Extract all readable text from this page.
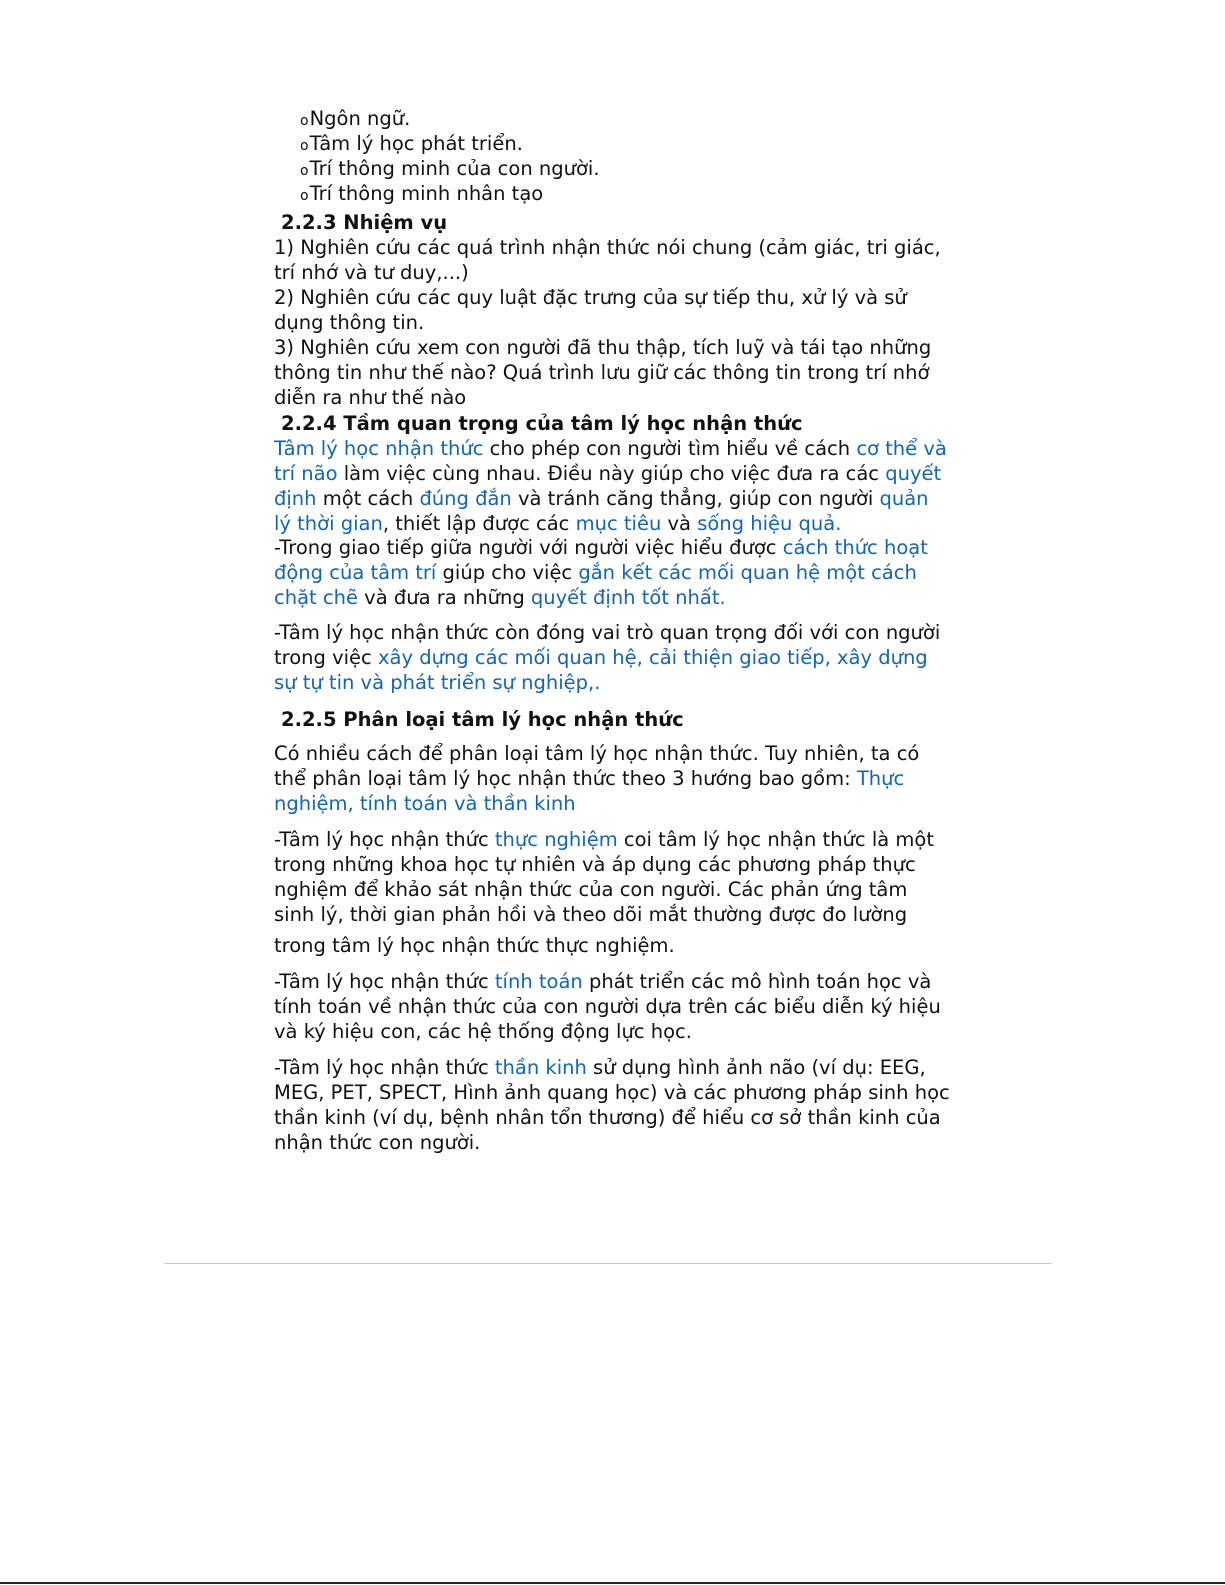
oNgôn ngữ.
oTâm lý học phát triển.
oTrí thông minh của con người.
oTrí thông minh nhân tạo
2.2.3 Nhiệm vụ
1) Nghiên cứu các quá trình nhận thức nói chung (cảm giác, tri giác,
trí nhớ và tư duy,...)
2) Nghiên cứu các quy luật đặc trưng của sự tiếp thu, xử lý và sử
dụng thông tin.
3) Nghiên cứu xem con người đã thu thập, tích luỹ và tái tạo những
thông tin như thế nào? Quá trình lưu giữ các thông tin trong trí nhớ
diễn ra như thế nào
2.2.4 Tầm quan trọng của tâm lý học nhận thức
Tâm lý học nhận thức cho phép con người tìm hiểu về cách cơ thể và
trí não làm việc cùng nhau. Điều này giúp cho việc đưa ra các quyết
định một cách đúng đắn và tránh căng thẳng, giúp con người quản
lý thời gian, thiết lập được các mục tiêu và sống hiệu quả.
-Trong giao tiếp giữa người với người việc hiểu được cách thức hoạt
động của tâm trí giúp cho việc gắn kết các mối quan hệ một cách
chặt chẽ và đưa ra những quyết định tốt nhất.
-Tâm lý học nhận thức còn đóng vai trò quan trọng đối với con người
trong việc xây dựng các mối quan hệ, cải thiện giao tiếp, xây dựng
sự tự tin và phát triển sự nghiệp,.
2.2.5 Phân loại tâm lý học nhận thức
Có nhiều cách để phân loại tâm lý học nhận thức. Tuy nhiên, ta có
thể phân loại tâm lý học nhận thức theo 3 hướng bao gồm: Thực
nghiệm, tính toán và thần kinh
-Tâm lý học nhận thức thực nghiệm coi tâm lý học nhận thức là một
trong những khoa học tự nhiên và áp dụng các phương pháp thực
nghiệm để khảo sát nhận thức của con người. Các phản ứng tâm
sinh lý, thời gian phản hồi và theo dõi mắt thường được đo lường
trong tâm lý học nhận thức thực nghiệm.
-Tâm lý học nhận thức tính toán phát triển các mô hình toán học và
tính toán về nhận thức của con người dựa trên các biểu diễn ký hiệu
và ký hiệu con, các hệ thống động lực học.
-Tâm lý học nhận thức thần kinh sử dụng hình ảnh não (ví dụ: EEG,
MEG, PET, SPECT, Hình ảnh quang học) và các phương pháp sinh học
thần kinh (ví dụ, bệnh nhân tổn thương) để hiểu cơ sở thần kinh của
nhận thức con người.
